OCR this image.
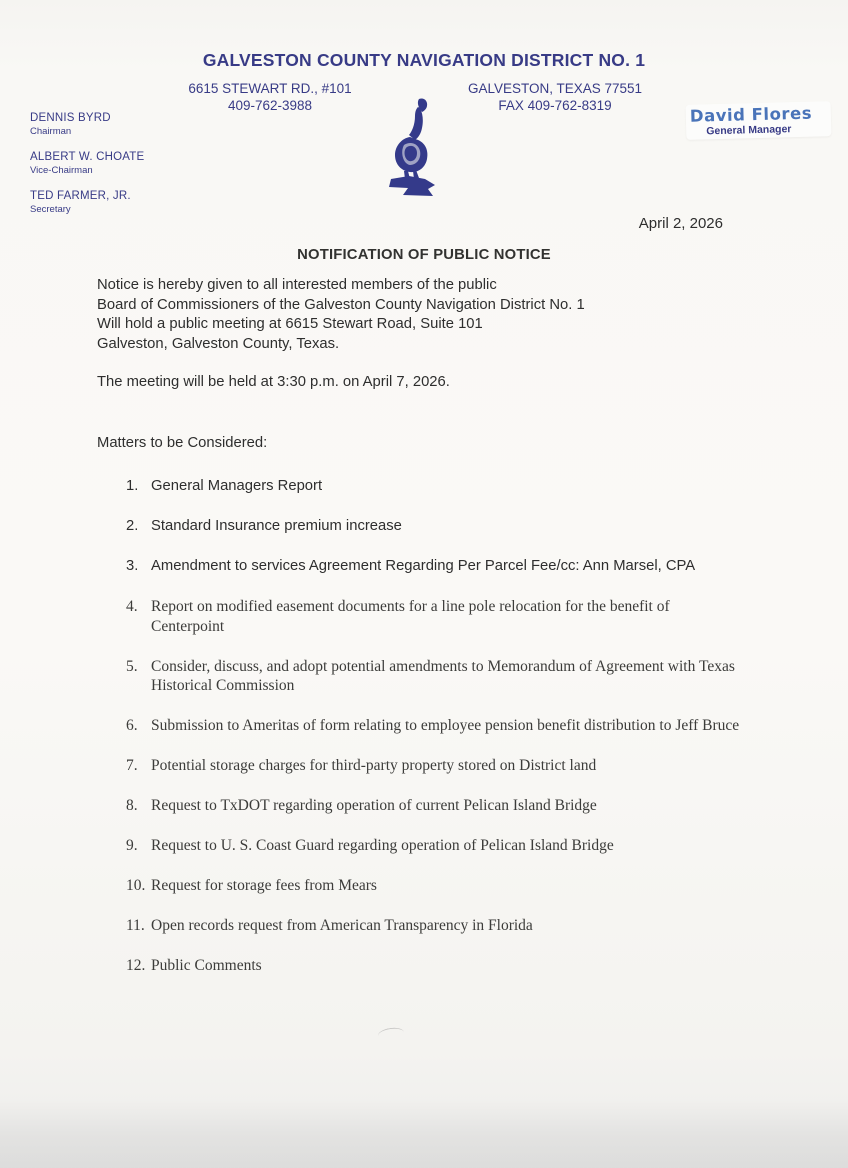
GALVESTON COUNTY NAVIGATION DISTRICT NO. 1
6615 STEWART RD., #101
409-762-3988
GALVESTON, TEXAS 77551
FAX 409-762-8319
DENNIS BYRD
Chairman
ALBERT W. CHOATE
Vice-Chairman
TED FARMER, JR.
Secretary
David Flores
General Manager
April 2, 2026
NOTIFICATION OF PUBLIC NOTICE
Notice is hereby given to all interested members of the public
Board of Commissioners of the Galveston County Navigation District No. 1
Will hold a public meeting at 6615 Stewart Road, Suite 101
Galveston, Galveston County, Texas.
The meeting will be held at 3:30 p.m. on April 7, 2026.
Matters to be Considered:
1. General Managers Report
2. Standard Insurance premium increase
3. Amendment to services Agreement Regarding Per Parcel Fee/cc: Ann Marsel, CPA
4. Report on modified easement documents for a line pole relocation for the benefit of Centerpoint
5. Consider, discuss, and adopt potential amendments to Memorandum of Agreement with Texas Historical Commission
6. Submission to Ameritas of form relating to employee pension benefit distribution to Jeff Bruce
7. Potential storage charges for third-party property stored on District land
8. Request to TxDOT regarding operation of current Pelican Island Bridge
9. Request to U. S. Coast Guard regarding operation of Pelican Island Bridge
10. Request for storage fees from Mears
11. Open records request from American Transparency in Florida
12. Public Comments
